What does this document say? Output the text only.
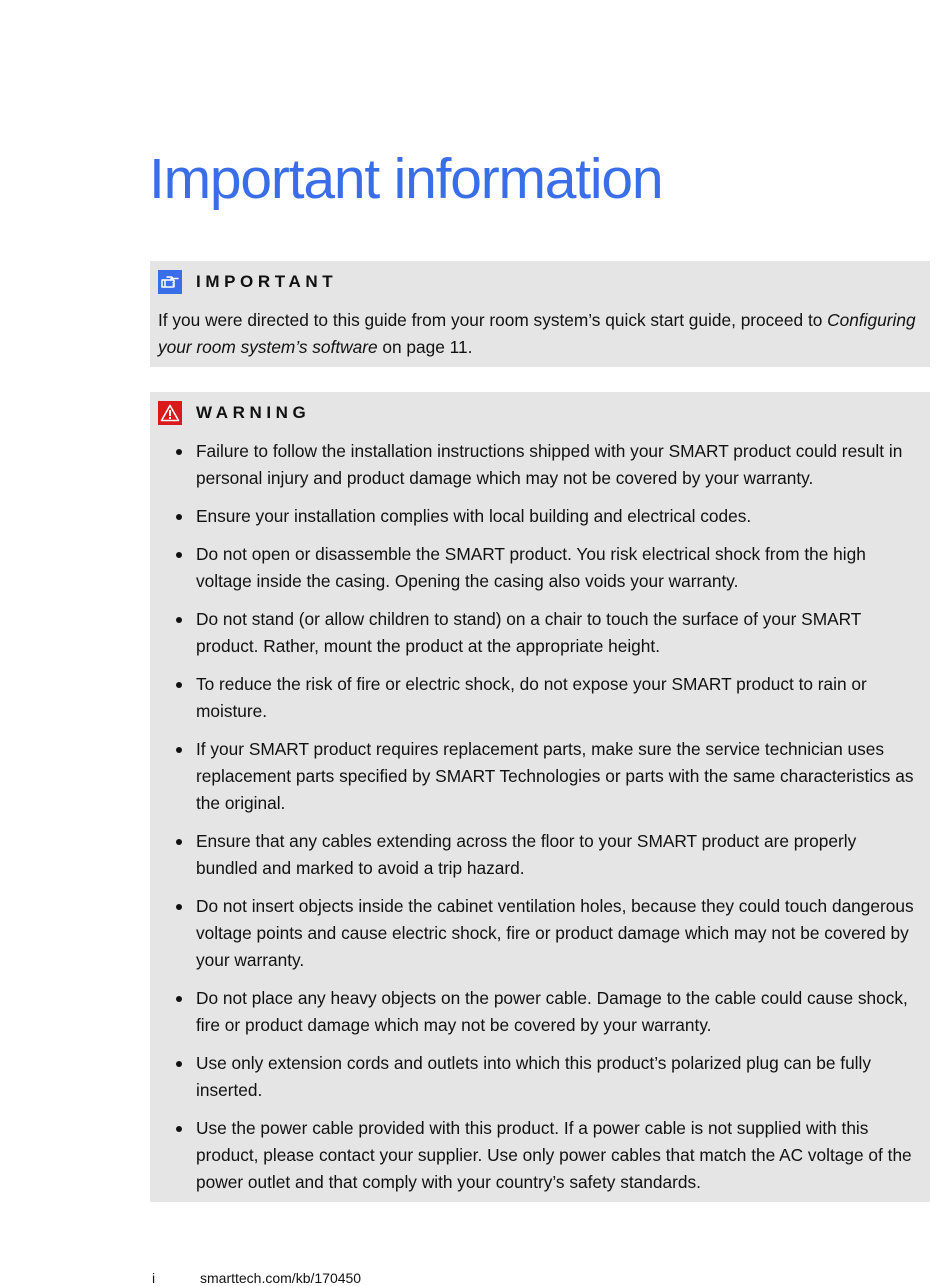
Important information
IMPORTANT

If you were directed to this guide from your room system’s quick start guide, proceed to Configuring your room system’s software on page 11.

WARNING
Failure to follow the installation instructions shipped with your SMART product could result in personal injury and product damage which may not be covered by your warranty.
Ensure your installation complies with local building and electrical codes.
Do not open or disassemble the SMART product. You risk electrical shock from the high voltage inside the casing. Opening the casing also voids your warranty.
Do not stand (or allow children to stand) on a chair to touch the surface of your SMART product. Rather, mount the product at the appropriate height.
To reduce the risk of fire or electric shock, do not expose your SMART product to rain or moisture.
If your SMART product requires replacement parts, make sure the service technician uses replacement parts specified by SMART Technologies or parts with the same characteristics as the original.
Ensure that any cables extending across the floor to your SMART product are properly bundled and marked to avoid a trip hazard.
Do not insert objects inside the cabinet ventilation holes, because they could touch dangerous voltage points and cause electric shock, fire or product damage which may not be covered by your warranty.
Do not place any heavy objects on the power cable. Damage to the cable could cause shock, fire or product damage which may not be covered by your warranty.
Use only extension cords and outlets into which this product’s polarized plug can be fully inserted.
Use the power cable provided with this product. If a power cable is not supplied with this product, please contact your supplier. Use only power cables that match the AC voltage of the power outlet and that comply with your country’s safety standards.
i	smarttech.com/kb/170450
